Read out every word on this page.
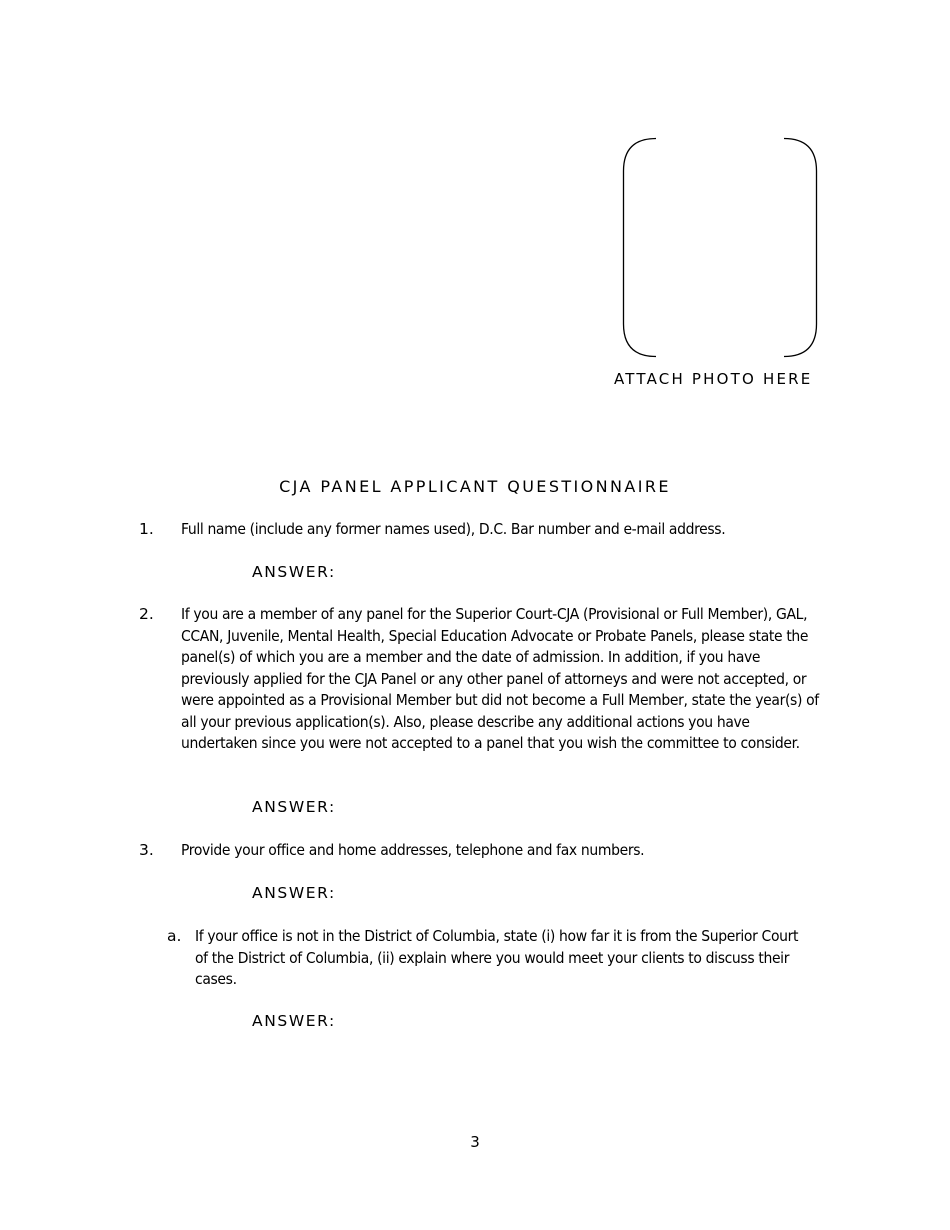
ATTACH PHOTO HERE
CJA PANEL APPLICANT QUESTIONNAIRE
1. Full name (include any former names used), D.C. Bar number and e-mail address.
ANSWER:
2. If you are a member of any panel for the Superior Court-CJA (Provisional or Full Member), GAL, CCAN, Juvenile, Mental Health, Special Education Advocate or Probate Panels, please state the panel(s) of which you are a member and the date of admission. In addition, if you have previously applied for the CJA Panel or any other panel of attorneys and were not accepted, or were appointed as a Provisional Member but did not become a Full Member, state the year(s) of all your previous application(s). Also, please describe any additional actions you have undertaken since you were not accepted to a panel that you wish the committee to consider.
ANSWER:
3. Provide your office and home addresses, telephone and fax numbers.
ANSWER:
a. If your office is not in the District of Columbia, state (i) how far it is from the Superior Court of the District of Columbia, (ii) explain where you would meet your clients to discuss their cases.
ANSWER:
3
